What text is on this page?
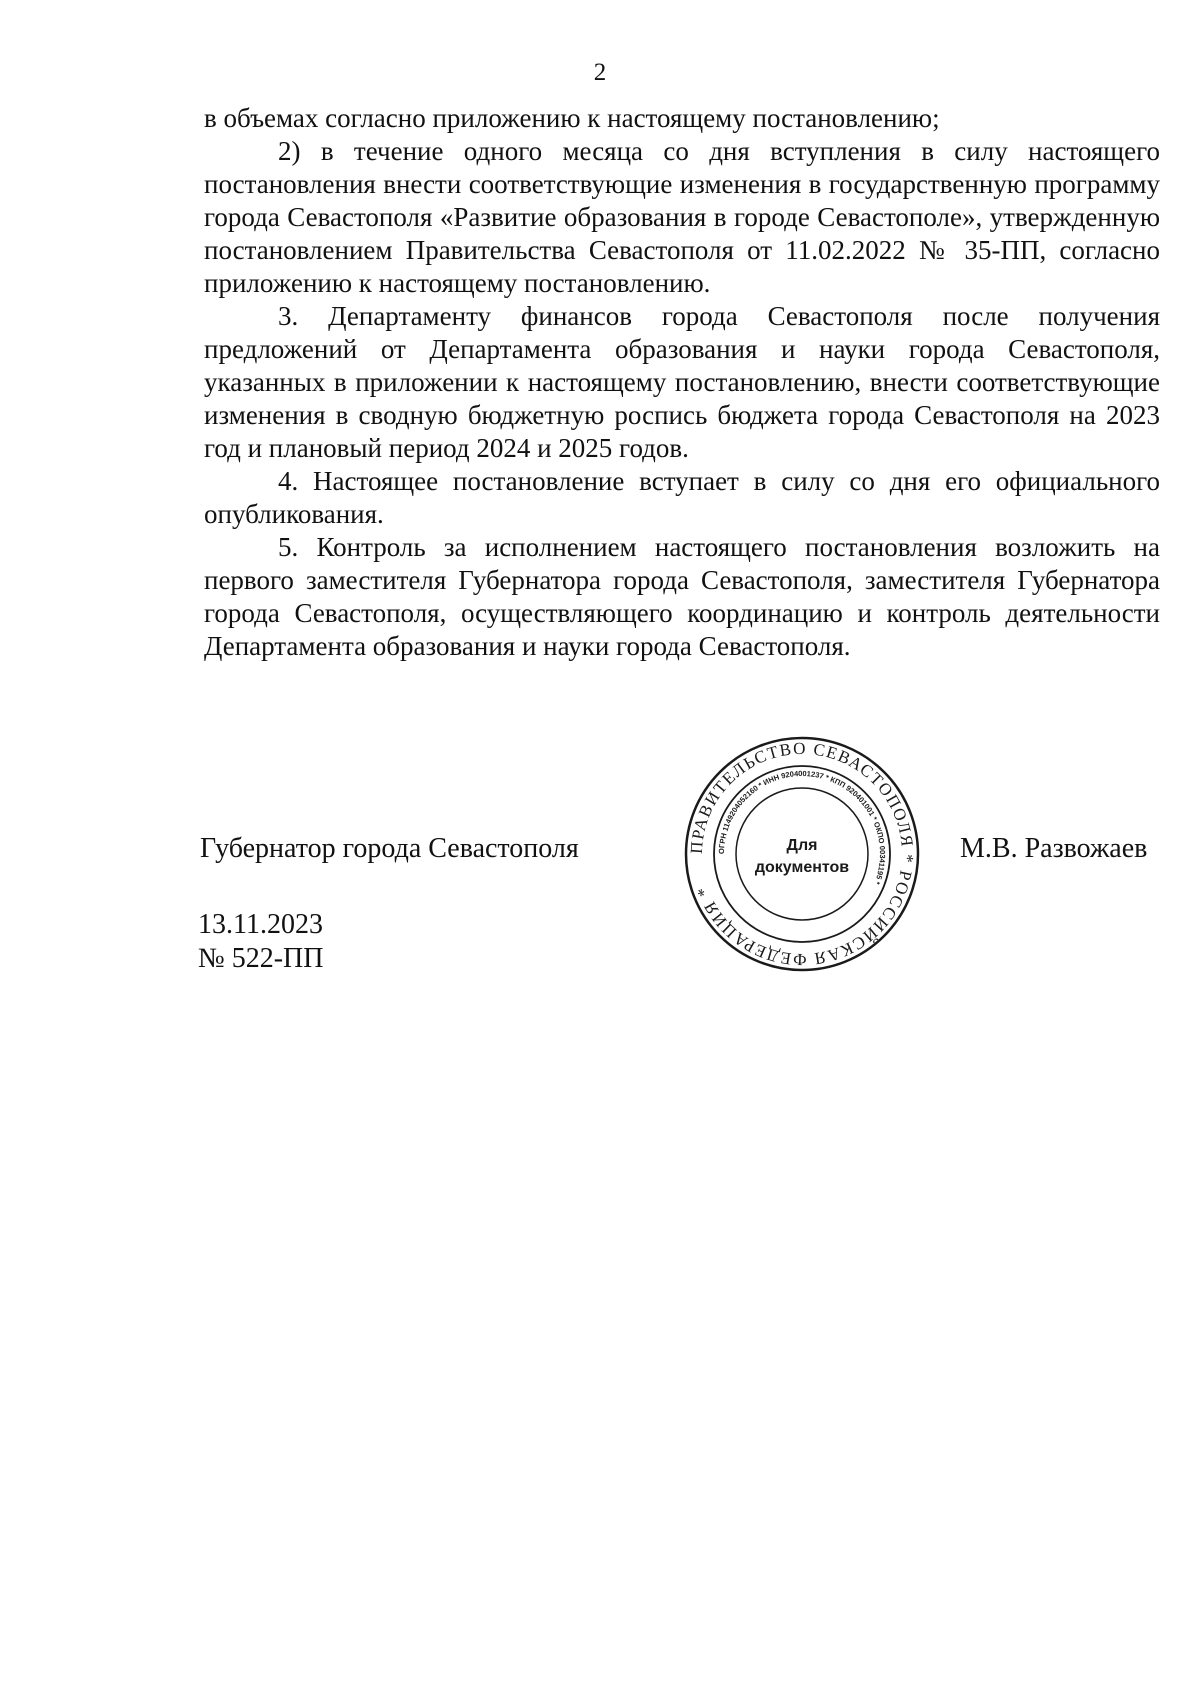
2

в объемах согласно приложению к настоящему постановлению;

2) в течение одного месяца со дня вступления в силу настоящего постановления внести соответствующие изменения в государственную программу города Севастополя «Развитие образования в городе Севастополе», утвержденную постановлением Правительства Севастополя от 11.02.2022 № 35-ПП, согласно приложению к настоящему постановлению.

3. Департаменту финансов города Севастополя после получения предложений от Департамента образования и науки города Севастополя, указанных в приложении к настоящему постановлению, внести соответствующие изменения в сводную бюджетную роспись бюджета города Севастополя на 2023 год и плановый период 2024 и 2025 годов.

4. Настоящее постановление вступает в силу со дня его официального опубликования.

5. Контроль за исполнением настоящего постановления возложить на первого заместителя Губернатора города Севастополя, заместителя Губернатора города Севастополя, осуществляющего координацию и контроль деятельности Департамента образования и науки города Севастополя.

Губернатор города Севастополя	ПРАВИТЕЛЬСТВО СЕВАСТОПОЛЯ * РОССИЙСКАЯ ФЕДЕРАЦИЯ *
ОГРН 1149204052160 * ИНН 9204001237 * КПП 920401001 * ОКПО 00341195 *
Для
документов
М.В. Развожаев
13.11.2023
№ 522-ПП
